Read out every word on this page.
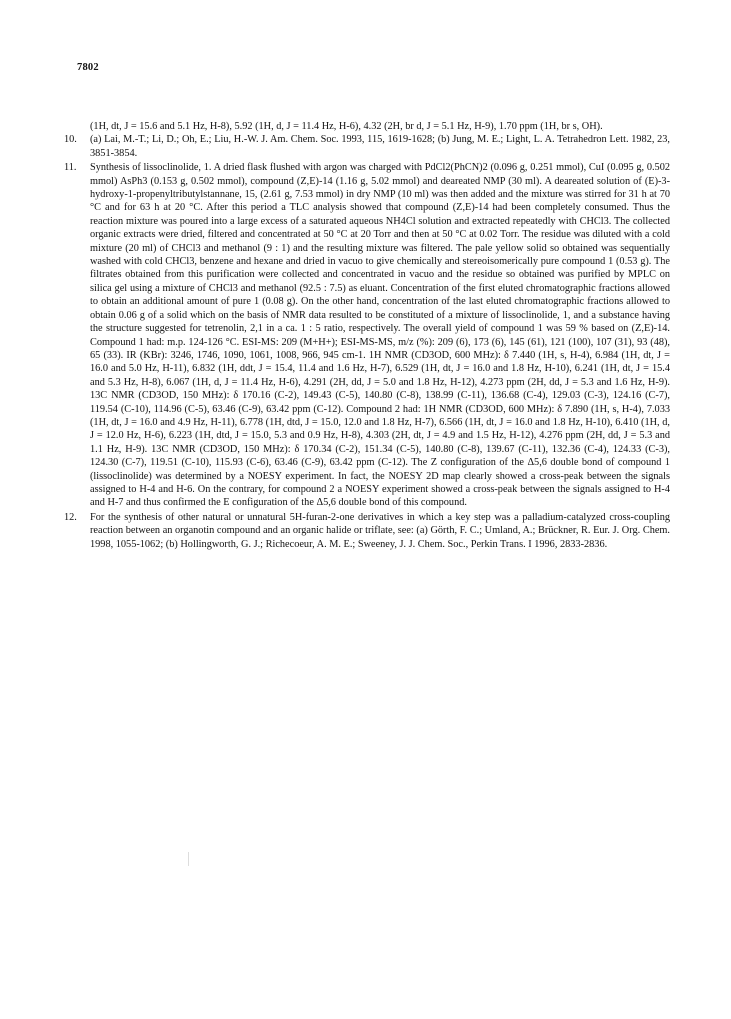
7802
(1H, dt, J = 15.6 and 5.1 Hz, H-8), 5.92 (1H, d, J = 11.4 Hz, H-6), 4.32 (2H, br d, J = 5.1 Hz, H-9), 1.70 ppm (1H, br s, OH).
10.	(a) Lai, M.-T.; Li, D.; Oh, E.; Liu, H.-W. J. Am. Chem. Soc. 1993, 115, 1619-1628; (b) Jung, M. E.; Light, L. A. Tetrahedron Lett. 1982, 23, 3851-3854.
11.	Synthesis of lissoclinolide, 1. A dried flask flushed with argon was charged with PdCl2(PhCN)2 (0.096 g, 0.251 mmol), CuI (0.095 g, 0.502 mmol) AsPh3 (0.153 g, 0.502 mmol), compound (Z,E)-14 (1.16 g, 5.02 mmol) and deareated NMP (30 ml). A deareated solution of (E)-3-hydroxy-1-propenyltributylstannane, 15, (2.61 g, 7.53 mmol) in dry NMP (10 ml) was then added and the mixture was stirred for 31 h at 70 °C and for 63 h at 20 °C. After this period a TLC analysis showed that compound (Z,E)-14 had been completely consumed. Thus the reaction mixture was poured into a large excess of a saturated aqueous NH4Cl solution and extracted repeatedly with CHCl3. The collected organic extracts were dried, filtered and concentrated at 50 °C at 20 Torr and then at 50 °C at 0.02 Torr. The residue was diluted with a cold mixture (20 ml) of CHCl3 and methanol (9 : 1) and the resulting mixture was filtered. The pale yellow solid so obtained was sequentially washed with cold CHCl3, benzene and hexane and dried in vacuo to give chemically and stereoisomerically pure compound 1 (0.53 g). The filtrates obtained from this purification were collected and concentrated in vacuo and the residue so obtained was purified by MPLC on silica gel using a mixture of CHCl3 and methanol (92.5 : 7.5) as eluant. Concentration of the first eluted chromatographic fractions allowed to obtain an additional amount of pure 1 (0.08 g). On the other hand, concentration of the last eluted chromatographic fractions allowed to obtain 0.06 g of a solid which on the basis of NMR data resulted to be constituted of a mixture of lissoclinolide, 1, and a substance having the structure suggested for tetrenolin, 2,1 in a ca. 1 : 5 ratio, respectively. The overall yield of compound 1 was 59 % based on (Z,E)-14. Compound 1 had: m.p. 124-126 °C. ESI-MS: 209 (M+H+); ESI-MS-MS, m/z (%): 209 (6), 173 (6), 145 (61), 121 (100), 107 (31), 93 (48), 65 (33). IR (KBr): 3246, 1746, 1090, 1061, 1008, 966, 945 cm-1. 1H NMR (CD3OD, 600 MHz): δ 7.440 (1H, s, H-4), 6.984 (1H, dt, J = 16.0 and 5.0 Hz, H-11), 6.832 (1H, ddt, J = 15.4, 11.4 and 1.6 Hz, H-7), 6.529 (1H, dt, J = 16.0 and 1.8 Hz, H-10), 6.241 (1H, dt, J = 15.4 and 5.3 Hz, H-8), 6.067 (1H, d, J = 11.4 Hz, H-6), 4.291 (2H, dd, J = 5.0 and 1.8 Hz, H-12), 4.273 ppm (2H, dd, J = 5.3 and 1.6 Hz, H-9). 13C NMR (CD3OD, 150 MHz): δ 170.16 (C-2), 149.43 (C-5), 140.80 (C-8), 138.99 (C-11), 136.68 (C-4), 129.03 (C-3), 124.16 (C-7), 119.54 (C-10), 114.96 (C-5), 63.46 (C-9), 63.42 ppm (C-12). Compound 2 had: 1H NMR (CD3OD, 600 MHz): δ 7.890 (1H, s, H-4), 7.033 (1H, dt, J = 16.0 and 4.9 Hz, H-11), 6.778 (1H, dtd, J = 15.0, 12.0 and 1.8 Hz, H-7), 6.566 (1H, dt, J = 16.0 and 1.8 Hz, H-10), 6.410 (1H, d, J = 12.0 Hz, H-6), 6.223 (1H, dtd, J = 15.0, 5.3 and 0.9 Hz, H-8), 4.303 (2H, dt, J = 4.9 and 1.5 Hz, H-12), 4.276 ppm (2H, dd, J = 5.3 and 1.1 Hz, H-9). 13C NMR (CD3OD, 150 MHz): δ 170.34 (C-2), 151.34 (C-5), 140.80 (C-8), 139.67 (C-11), 132.36 (C-4), 124.33 (C-3), 124.30 (C-7), 119.51 (C-10), 115.93 (C-6), 63.46 (C-9), 63.42 ppm (C-12). The Z configuration of the Δ5,6 double bond of compound 1 (lissoclinolide) was determined by a NOESY experiment. In fact, the NOESY 2D map clearly showed a cross-peak between the signals assigned to H-4 and H-6. On the contrary, for compound 2 a NOESY experiment showed a cross-peak between the signals assigned to H-4 and H-7 and thus confirmed the E configuration of the Δ5,6 double bond of this compound.
12.	For the synthesis of other natural or unnatural 5H-furan-2-one derivatives in which a key step was a palladium-catalyzed cross-coupling reaction between an organotin compound and an organic halide or triflate, see: (a) Görth, F. C.; Umland, A.; Brückner, R. Eur. J. Org. Chem. 1998, 1055-1062; (b) Hollingworth, G. J.; Richecoeur, A. M. E.; Sweeney, J. J. Chem. Soc., Perkin Trans. I 1996, 2833-2836.
